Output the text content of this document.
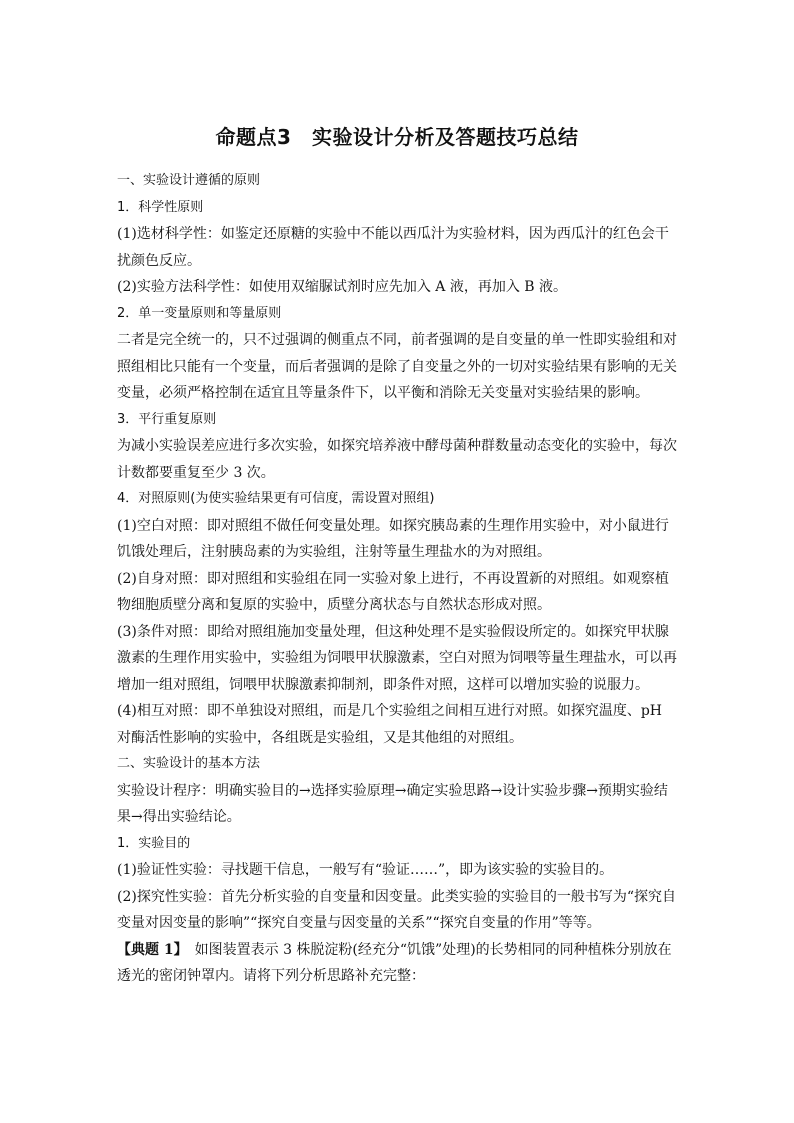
命题点3　实验设计分析及答题技巧总结

一、实验设计遵循的原则

1．科学性原则

(1)选材科学性：如鉴定还原糖的实验中不能以西瓜汁为实验材料，因为西瓜汁的红色会干扰颜色反应。

(2)实验方法科学性：如使用双缩脲试剂时应先加入 A 液，再加入 B 液。

2．单一变量原则和等量原则

二者是完全统一的，只不过强调的侧重点不同，前者强调的是自变量的单一性即实验组和对照组相比只能有一个变量，而后者强调的是除了自变量之外的一切对实验结果有影响的无关变量，必须严格控制在适宜且等量条件下，以平衡和消除无关变量对实验结果的影响。

3．平行重复原则

为减小实验误差应进行多次实验，如探究培养液中酵母菌种群数量动态变化的实验中，每次计数都要重复至少 3 次。

4．对照原则(为使实验结果更有可信度，需设置对照组)

(1)空白对照：即对照组不做任何变量处理。如探究胰岛素的生理作用实验中，对小鼠进行饥饿处理后，注射胰岛素的为实验组，注射等量生理盐水的为对照组。

(2)自身对照：即对照组和实验组在同一实验对象上进行，不再设置新的对照组。如观察植物细胞质壁分离和复原的实验中，质壁分离状态与自然状态形成对照。

(3)条件对照：即给对照组施加变量处理，但这种处理不是实验假设所定的。如探究甲状腺激素的生理作用实验中，实验组为饲喂甲状腺激素，空白对照为饲喂等量生理盐水，可以再增加一组对照组，饲喂甲状腺激素抑制剂，即条件对照，这样可以增加实验的说服力。

(4)相互对照：即不单独设对照组，而是几个实验组之间相互进行对照。如探究温度、pH 对酶活性影响的实验中，各组既是实验组，又是其他组的对照组。

二、实验设计的基本方法

实验设计程序：明确实验目的→选择实验原理→确定实验思路→设计实验步骤→预期实验结果→得出实验结论。

1．实验目的

(1)验证性实验：寻找题干信息，一般写有“验证……”，即为该实验的实验目的。

(2)探究性实验：首先分析实验的自变量和因变量。此类实验的实验目的一般书写为“探究自变量对因变量的影响”“探究自变量与因变量的关系”“探究自变量的作用”等等。

【典题 1】　如图装置表示 3 株脱淀粉(经充分“饥饿”处理)的长势相同的同种植株分别放在透光的密闭钟罩内。请将下列分析思路补充完整：
